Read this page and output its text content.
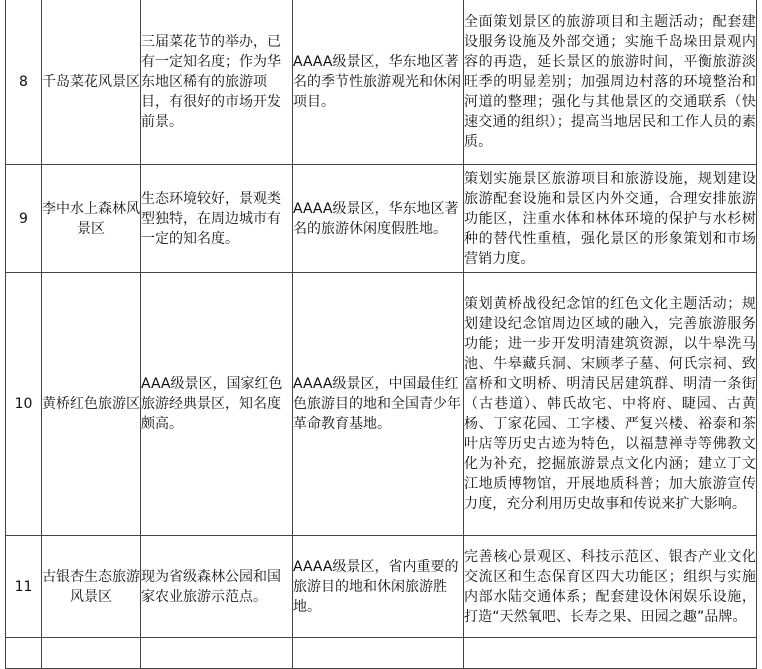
8	千岛菜花风景区	三届菜花节的举办，已有一定知名度；作为华东地区稀有的旅游项目，有很好的市场开发前景。	AAAA级景区，华东地区著名的季节性旅游观光和休闲项目。	全面策划景区的旅游项目和主题活动；配套建设服务设施及外部交通；实施千岛垛田景观内容的再造，延长景区的旅游时间，平衡旅游淡旺季的明显差别；加强周边村落的环境整治和河道的整理；强化与其他景区的交通联系（快速交通的组织）；提高当地居民和工作人员的素质。
9	李中水上森林风景区	生态环境较好，景观类型独特，在周边城市有一定的知名度。	AAAA级景区，华东地区著名的旅游休闲度假胜地。	策划实施景区旅游项目和旅游设施，规划建设旅游配套设施和景区内外交通，合理安排旅游功能区，注重水体和林体环境的保护与水杉树种的替代性重植，强化景区的形象策划和市场营销力度。
10	黄桥红色旅游区	AAA级景区，国家红色旅游经典景区，知名度颇高。	AAAA级景区，中国最佳红色旅游目的地和全国青少年革命教育基地。	策划黄桥战役纪念馆的红色文化主题活动；规划建设纪念馆周边区域的融入，完善旅游服务功能；进一步开发明清建筑资源，以牛皋洗马池、牛皋藏兵洞、宋顾孝子墓、何氏宗祠、致富桥和文明桥、明清民居建筑群、明清一条街（古巷道）、韩氏故宅、中将府、睫园、古黄杨、丁家花园、工字楼、严复兴楼、裕泰和茶叶店等历史古迹为特色，以福慧禅寺等佛教文化为补充，挖掘旅游景点文化内涵；建立丁文江地质博物馆，开展地质科普；加大旅游宣传力度，充分利用历史故事和传说来扩大影响。
11	古银杏生态旅游风景区	现为省级森林公园和国家农业旅游示范点。	AAAA级景区，省内重要的旅游目的地和休闲旅游胜地。	完善核心景观区、科技示范区、银杏产业文化交流区和生态保育区四大功能区；组织与实施内部水陆交通体系；配套建设休闲娱乐设施，打造“天然氧吧、长寿之果、田园之趣”品牌。
